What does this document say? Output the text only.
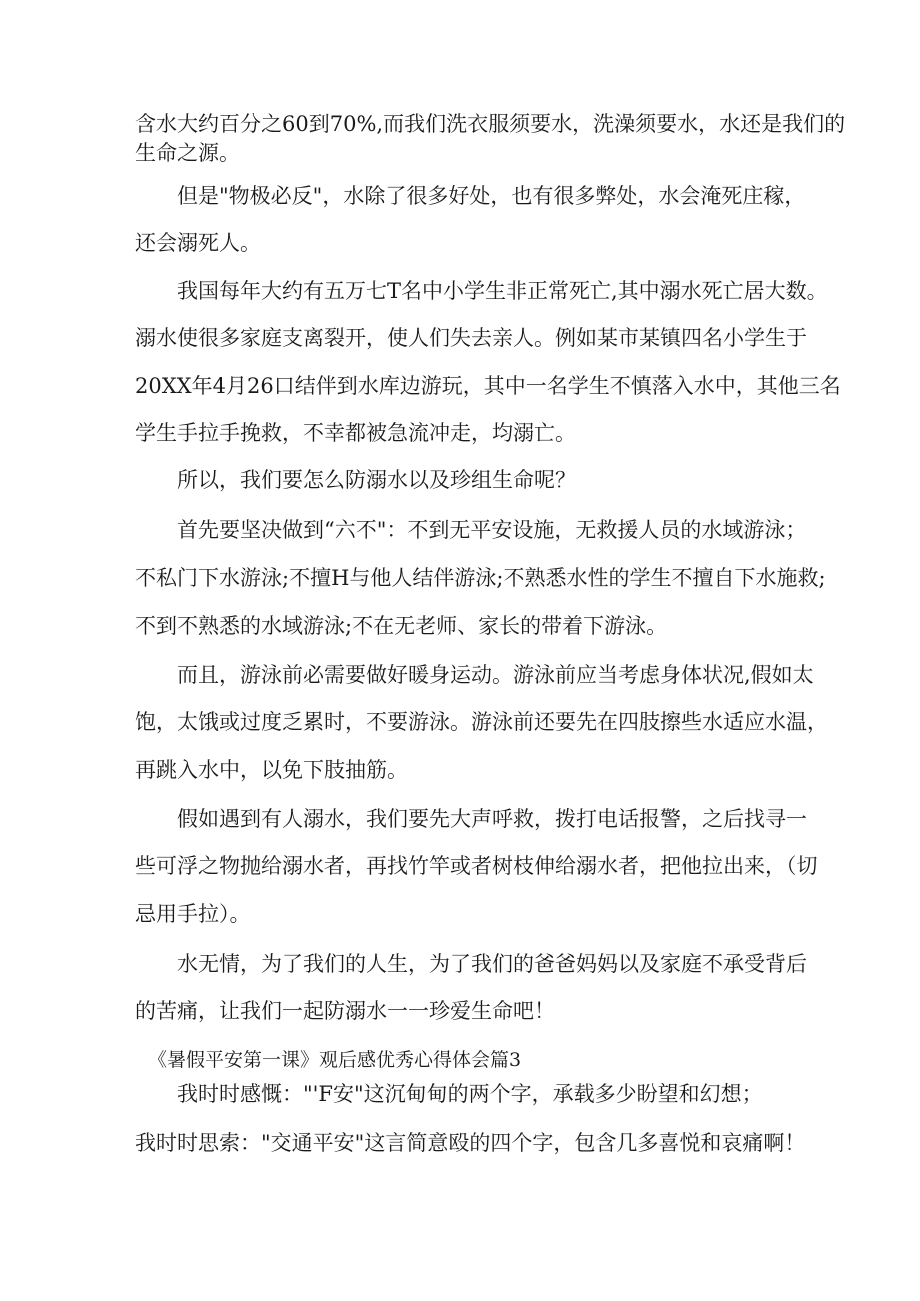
含水大约百分之60到70%,而我们洗衣服须要水，洗澡须要水，水还是我们的
生命之源。
但是"物极必反"，水除了很多好处，也有很多弊处，水会淹死庄稼，
还会溺死人。
我国每年大约有五万七T名中小学生非正常死亡,其中溺水死亡居大数。
溺水使很多家庭支离裂开，使人们失去亲人。例如某市某镇四名小学生于
20XX年4月26口结伴到水库边游玩，其中一名学生不慎落入水中，其他三名
学生手拉手挽救，不幸都被急流冲走，均溺亡。
所以，我们要怎么防溺水以及珍组生命呢？
首先要坚决做到“六不"：不到无平安设施，无救援人员的水域游泳；
不私门下水游泳;不擅H与他人结伴游泳;不熟悉水性的学生不擅自下水施救;
不到不熟悉的水域游泳;不在无老师、家长的带着下游泳。
而且，游泳前必需要做好暖身运动。游泳前应当考虑身体状况,假如太
饱，太饿或过度乏累时，不要游泳。游泳前还要先在四肢擦些水适应水温，
再跳入水中，以免下肢抽筋。
假如遇到有人溺水，我们要先大声呼救，拨打电话报警，之后找寻一
些可浮之物抛给溺水者，再找竹竿或者树枝伸给溺水者，把他拉出来，（切
忌用手拉）。
水无情，为了我们的人生，为了我们的爸爸妈妈以及家庭不承受背后
的苦痛，让我们一起防溺水一一珍爱生命吧！
《暑假平安第一课》观后感优秀心得体会篇3
我时时感慨："'F安"这沉甸甸的两个字，承载多少盼望和幻想；
我时时思索："交通平安"这言简意殴的四个字，包含几多喜悦和哀痛啊！
